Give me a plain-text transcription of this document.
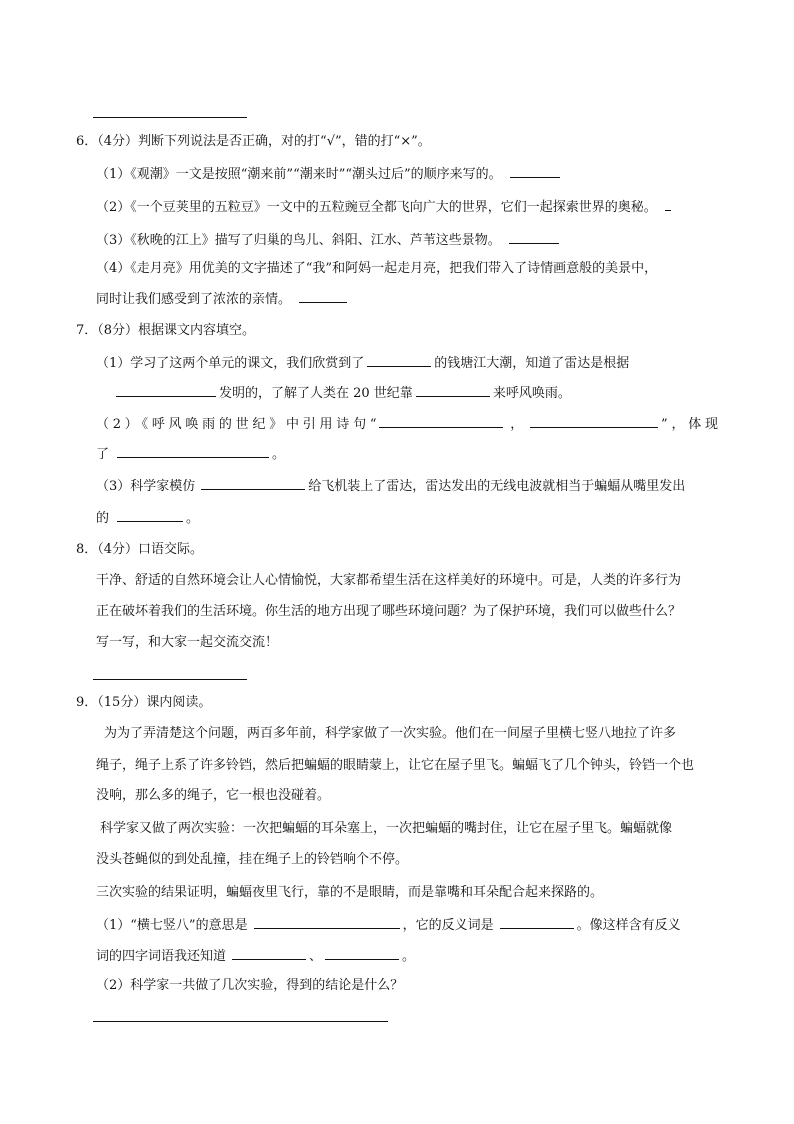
6．（4分）判断下列说法是否正确，对的打“√”，错的打“×”。
（1）《观潮》一文是按照“潮来前”“潮来时”“潮头过后”的顺序来写的。
（2）《一个豆荚里的五粒豆》一文中的五粒豌豆全都飞向广大的世界，它们一起探索世界的奥秘。
（3）《秋晚的江上》描写了归巢的鸟儿、斜阳、江水、芦苇这些景物。
（4）《走月亮》用优美的文字描述了“我”和阿妈一起走月亮，把我们带入了诗情画意般的美景中，
同时让我们感受到了浓浓的亲情。
7．（8分）根据课文内容填空。
（1）学习了这两个单元的课文，我们欣赏到了	的钱塘江大潮，知道了雷达是根据
发明的，了解了人类在 20 世纪靠	来呼风唤雨。
（2）《呼风唤雨的世纪》中引用诗句“	，	”，体现
了	。
（3）科学家模仿	给飞机装上了雷达，雷达发出的无线电波就相当于蝙蝠从嘴里发出
的	。
8．（4分）口语交际。
干净、舒适的自然环境会让人心情愉悦，大家都希望生活在这样美好的环境中。可是，人类的许多行为
正在破坏着我们的生活环境。你生活的地方出现了哪些环境问题？为了保护环境，我们可以做些什么？
写一写，和大家一起交流交流！
9．（15分）课内阅读。
为为了弄清楚这个问题，两百多年前，科学家做了一次实验。他们在一间屋子里横七竖八地拉了许多
绳子，绳子上系了许多铃铛，然后把蝙蝠的眼睛蒙上，让它在屋子里飞。蝙蝠飞了几个钟头，铃铛一个也
没响，那么多的绳子，它一根也没碰着。
科学家又做了两次实验：一次把蝙蝠的耳朵塞上，一次把蝙蝠的嘴封住，让它在屋子里飞。蝙蝠就像
没头苍蝇似的到处乱撞，挂在绳子上的铃铛响个不停。
三次实验的结果证明，蝙蝠夜里飞行，靠的不是眼睛，而是靠嘴和耳朵配合起来探路的。
（1）“横七竖八”的意思是	，它的反义词是	。像这样含有反义
词的四字词语我还知道	、	。
（2）科学家一共做了几次实验，得到的结论是什么？
